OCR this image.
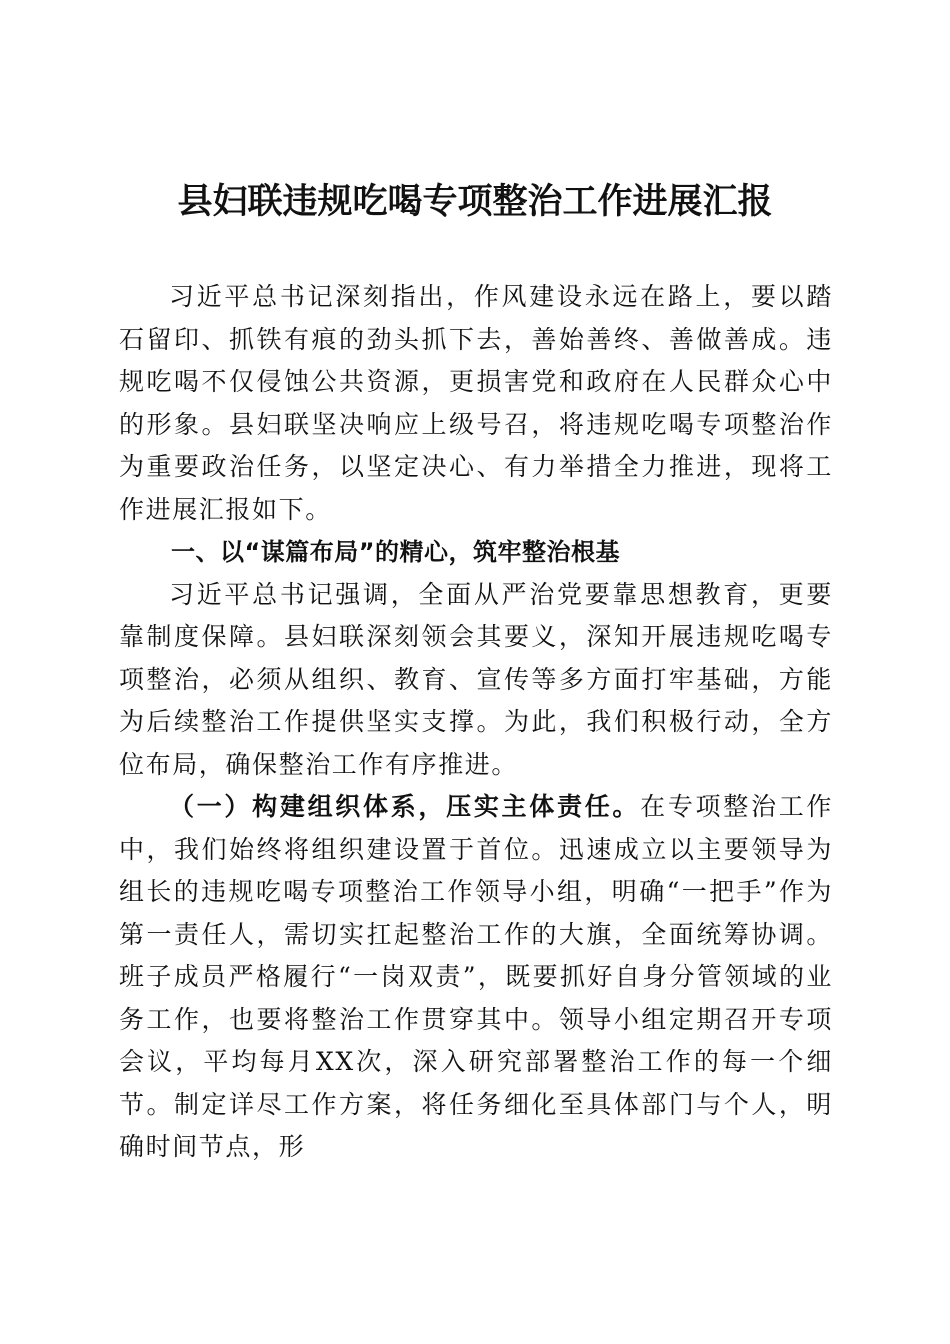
县妇联违规吃喝专项整治工作进展汇报

习近平总书记深刻指出，作风建设永远在路上，要以踏石留印、抓铁有痕的劲头抓下去，善始善终、善做善成。违规吃喝不仅侵蚀公共资源，更损害党和政府在人民群众心中的形象。县妇联坚决响应上级号召，将违规吃喝专项整治作为重要政治任务，以坚定决心、有力举措全力推进，现将工作进展汇报如下。

一、以“谋篇布局”的精心，筑牢整治根基

习近平总书记强调，全面从严治党要靠思想教育，更要靠制度保障。县妇联深刻领会其要义，深知开展违规吃喝专项整治，必须从组织、教育、宣传等多方面打牢基础，方能为后续整治工作提供坚实支撑。为此，我们积极行动，全方位布局，确保整治工作有序推进。

（一）构建组织体系，压实主体责任。在专项整治工作中，我们始终将组织建设置于首位。迅速成立以主要领导为组长的违规吃喝专项整治工作领导小组，明确“一把手”作为第一责任人，需切实扛起整治工作的大旗，全面统筹协调。班子成员严格履行“一岗双责”，既要抓好自身分管领域的业务工作，也要将整治工作贯穿其中。领导小组定期召开专项会议，平均每月XX次，深入研究部署整治工作的每一个细节。制定详尽工作方案，将任务细化至具体部门与个人，明确时间节点，形
